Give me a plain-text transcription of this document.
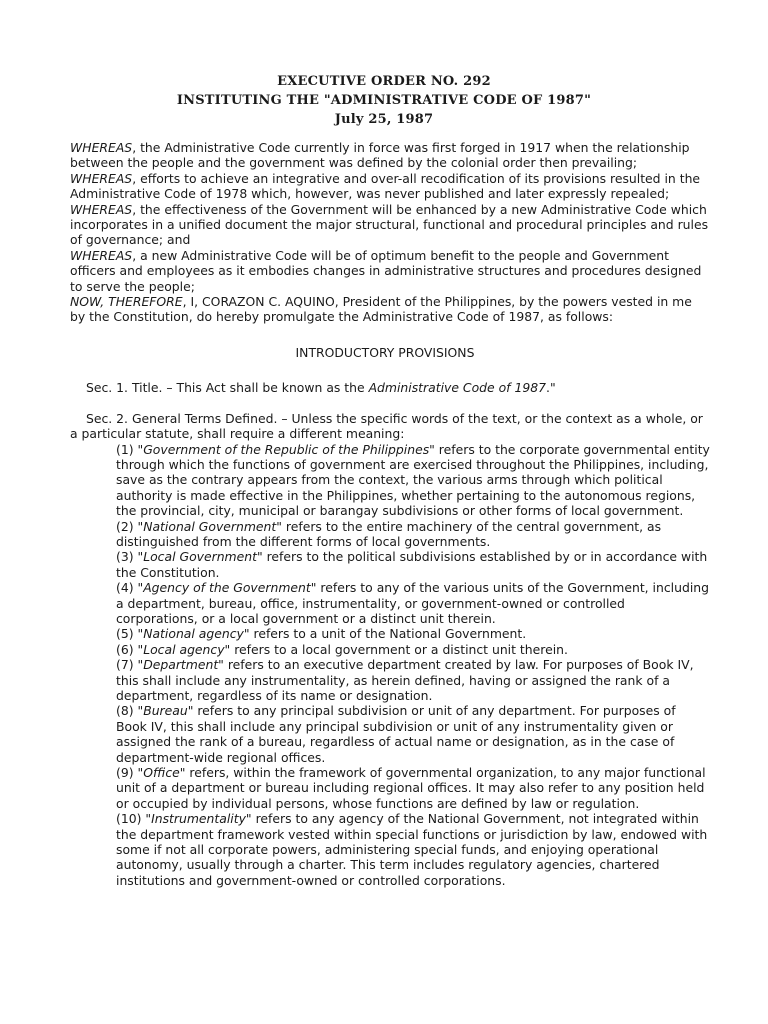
EXECUTIVE ORDER NO. 292
INSTITUTING THE "ADMINISTRATIVE CODE OF 1987"
July 25, 1987

WHEREAS, the Administrative Code currently in force was first forged in 1917 when the relationship between the people and the government was defined by the colonial order then prevailing;

WHEREAS, efforts to achieve an integrative and over-all recodification of its provisions resulted in the Administrative Code of 1978 which, however, was never published and later expressly repealed;

WHEREAS, the effectiveness of the Government will be enhanced by a new Administrative Code which incorporates in a unified document the major structural, functional and procedural principles and rules of governance; and

WHEREAS, a new Administrative Code will be of optimum benefit to the people and Government officers and employees as it embodies changes in administrative structures and procedures designed to serve the people;

NOW, THEREFORE, I, CORAZON C. AQUINO, President of the Philippines, by the powers vested in me by the Constitution, do hereby promulgate the Administrative Code of 1987, as follows:

INTRODUCTORY PROVISIONS

Sec. 1. Title. – This Act shall be known as the Administrative Code of 1987."

Sec. 2. General Terms Defined. – Unless the specific words of the text, or the context as a whole, or a particular statute, shall require a different meaning:

(1) "Government of the Republic of the Philippines" refers to the corporate governmental entity through which the functions of government are exercised throughout the Philippines, including, save as the contrary appears from the context, the various arms through which political authority is made effective in the Philippines, whether pertaining to the autonomous regions, the provincial, city, municipal or barangay subdivisions or other forms of local government.

(2) "National Government" refers to the entire machinery of the central government, as distinguished from the different forms of local governments.

(3) "Local Government" refers to the political subdivisions established by or in accordance with the Constitution.

(4) "Agency of the Government" refers to any of the various units of the Government, including a department, bureau, office, instrumentality, or government-owned or controlled corporations, or a local government or a distinct unit therein.

(5) "National agency" refers to a unit of the National Government.

(6) "Local agency" refers to a local government or a distinct unit therein.

(7) "Department" refers to an executive department created by law. For purposes of Book IV, this shall include any instrumentality, as herein defined, having or assigned the rank of a department, regardless of its name or designation.

(8) "Bureau" refers to any principal subdivision or unit of any department. For purposes of Book IV, this shall include any principal subdivision or unit of any instrumentality given or assigned the rank of a bureau, regardless of actual name or designation, as in the case of department-wide regional offices.

(9) "Office" refers, within the framework of governmental organization, to any major functional unit of a department or bureau including regional offices. It may also refer to any position held or occupied by individual persons, whose functions are defined by law or regulation.

(10) "Instrumentality" refers to any agency of the National Government, not integrated within the department framework vested within special functions or jurisdiction by law, endowed with some if not all corporate powers, administering special funds, and enjoying operational autonomy, usually through a charter. This term includes regulatory agencies, chartered institutions and government-owned or controlled corporations.
